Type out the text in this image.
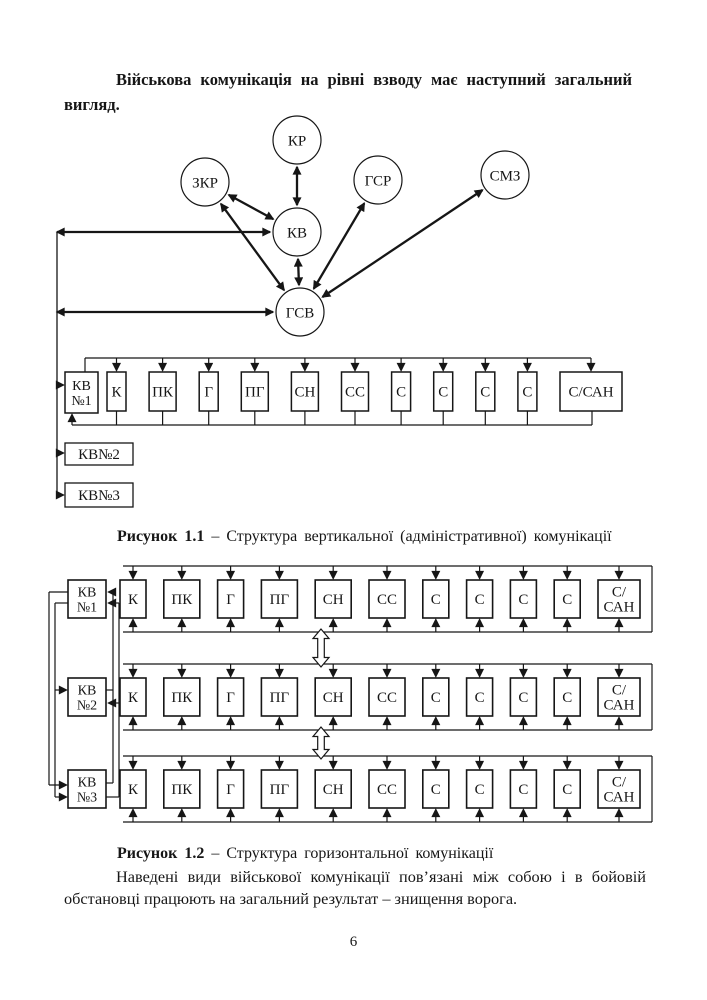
Військова комунікація на рівні взводу має наступний загальний вигляд.

КР
ЗКР	ГСР	СМЗ
КВ
ГСВ
К ПК Г ПГ СН СС С С С С С/САН
КВ
№1
КВ№2
КВ№3

Рисунок 1.1 – Структура вертикальної (адміністративної) комунікації

К ПК Г ПГ СН СС С С С С	С/
САН
КВ
№1
К ПК Г ПГ СН СС С С С С	С/
САН
КВ
№2
К ПК Г ПГ СН СС С С С С	С/
САН
КВ
№3

Рисунок 1.2 – Структура горизонтальної комунікації

Наведені види військової комунікації пов’язані між собою і в бойовій обстановці працюють на загальний результат – знищення ворога.

6
